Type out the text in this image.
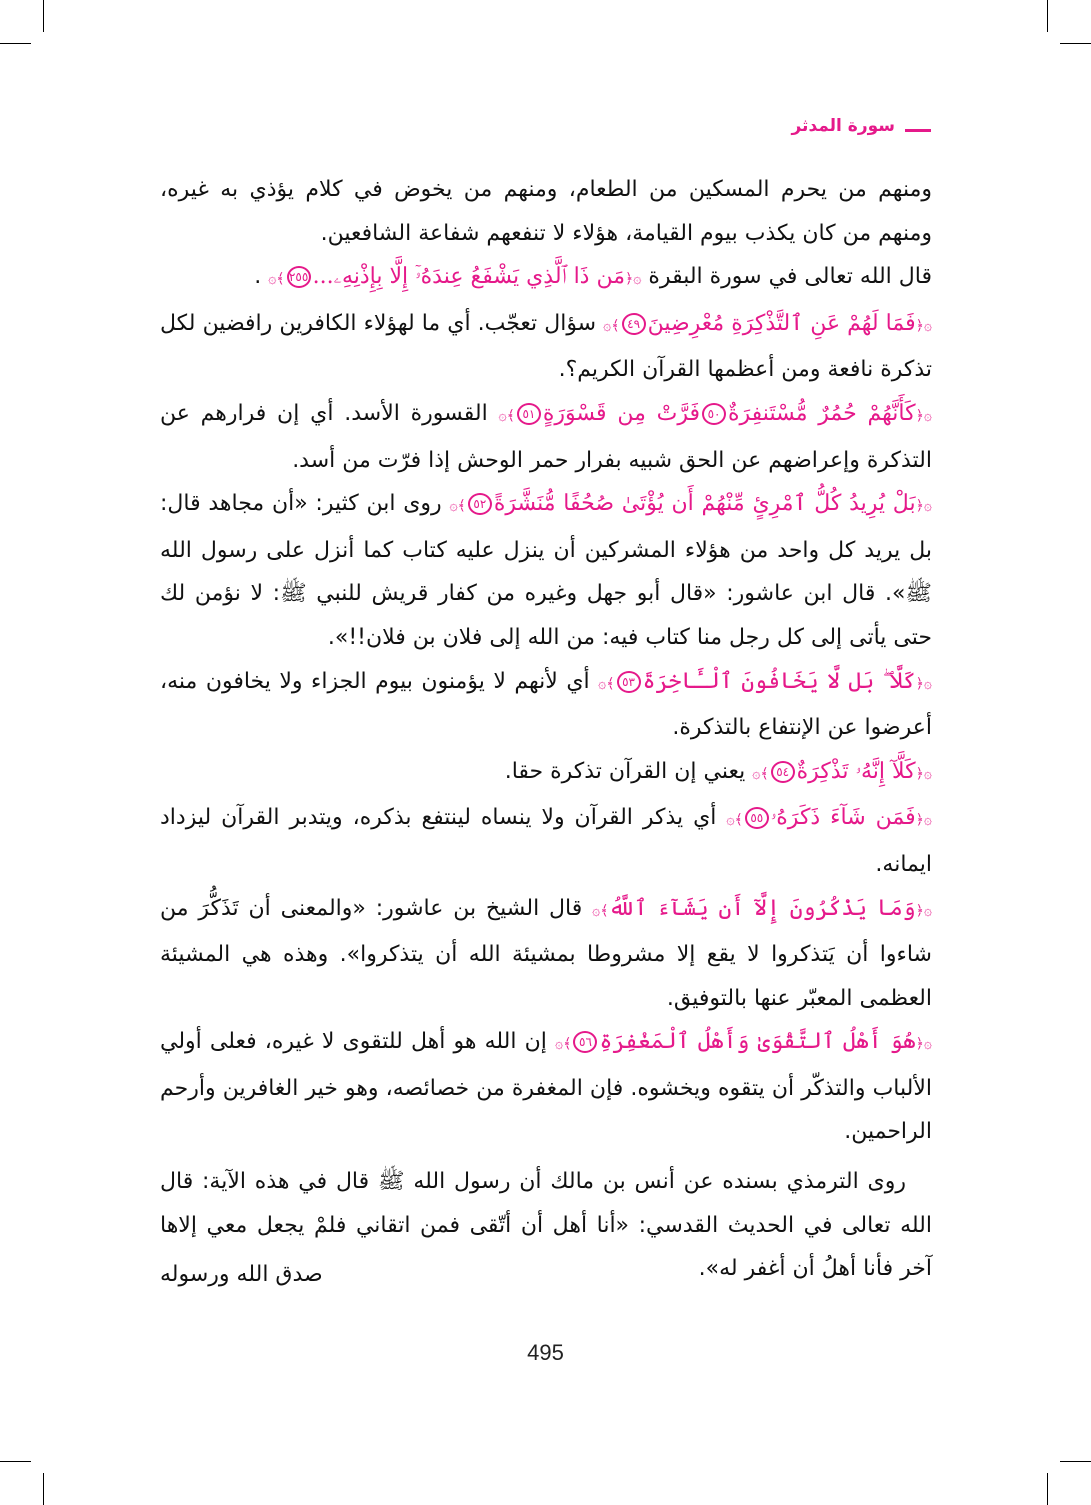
سورة المدثر

ومنهم من يحرم المسكين من الطعام، ومنهم من يخوض في كلام يؤذي به غيره، ومنهم من كان يكذب بيوم القيامة، هؤلاء لا تنفعهم شفاعة الشافعين.

قال الله تعالى في سورة البقرة ۞﴿مَن ذَا ٱلَّذِي يَشْفَعُ عِندَهُۥٓ إِلَّا بِإِذْنِهِۦ...٢٥٥﴾۞ .

۞﴿فَمَا لَهُمْ عَنِ ٱلتَّذْكِرَةِ مُعْرِضِينَ٤٩﴾۞ سؤال تعجّب. أي ما لهؤلاء الكافرين رافضين لكل تذكرة نافعة ومن أعظمها القرآن الكريم؟.

۞﴿كَأَنَّهُمْ حُمُرٌ مُّسْتَنفِرَةٌ٥٠فَرَّتْ مِن قَسْوَرَةٍ٥١﴾۞ القسورة الأسد. أي إن فرارهم عن التذكرة وإعراضهم عن الحق شبيه بفرار حمر الوحش إذا فرّت من أسد.

۞﴿بَلْ يُرِيدُ كُلُّ ٱمْرِئٍ مِّنْهُمْ أَن يُؤْتَىٰ صُحُفًا مُّنَشَّرَةً٥٢﴾۞ روى ابن كثير: «أن مجاهد قال: بل يريد كل واحد من هؤلاء المشركين أن ينزل عليه كتاب كما أنزل على رسول الله ﷺ». قال ابن عاشور: «قال أبو جهل وغيره من كفار قريش للنبي ﷺ: لا نؤمن لك حتى يأتى إلى كل رجل منا كتاب فيه: من الله إلى فلان بن فلان!!».

۞﴿كَلَّا ۖ بَل لَّا يَخَافُونَ ٱلْـَٔاخِرَةَ٥٣﴾۞ أي لأنهم لا يؤمنون بيوم الجزاء ولا يخافون منه، أعرضوا عن الإنتفاع بالتذكرة.

۞﴿كَلَّآ إِنَّهُۥ تَذْكِرَةٌ٥٤﴾۞ يعني إن القرآن تذكرة حقا.

۞﴿فَمَن شَآءَ ذَكَرَهُۥ٥٥﴾۞ أي يذكر القرآن ولا ينساه لينتفع بذكره، ويتدبر القرآن ليزداد ايمانه.

۞﴿وَمَا يَذْكُرُونَ إِلَّآ أَن يَشَآءَ ٱللَّهُ﴾۞ قال الشيخ بن عاشور: «والمعنى أن تَذَكُّرَ من شاءوا أن يَتذكروا لا يقع إلا مشروطا بمشيئة الله أن يتذكروا». وهذه هي المشيئة العظمى المعبّر عنها بالتوفيق.

۞﴿هُوَ أَهْلُ ٱلتَّقْوَىٰ وَأَهْلُ ٱلْمَغْفِرَةِ٥٦﴾۞ إن الله هو أهل للتقوى لا غيره، فعلى أولي الألباب والتذكّر أن يتقوه ويخشوه. فإن المغفرة من خصائصه، وهو خير الغافرين وأرحم الراحمين.

روى الترمذي بسنده عن أنس بن مالك أن رسول الله ﷺ قال في هذه الآية: قال الله تعالى في الحديث القدسي: «أنا أهل أن أتّقى فمن اتقاني فلمْ يجعل معي إلاها آخر فأنا أهلُ أن أغفر له».

صدق الله ورسوله
495
